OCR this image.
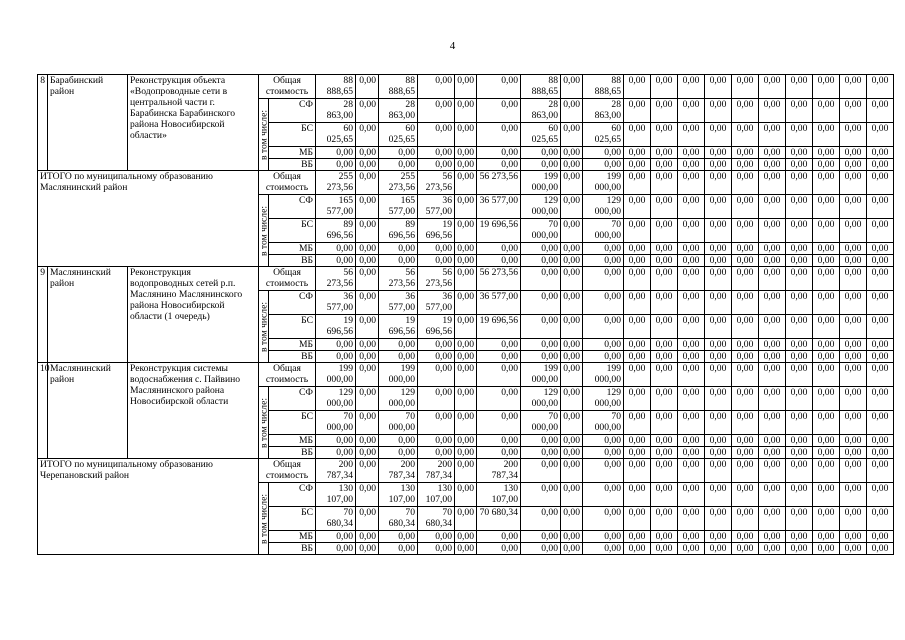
4
8	Барабинский район	Реконструкция объекта «Водопроводные сети в центральной части г. Барабинска Барабинского района Новосибирской области»	Общая стоимость		88 888,65	0,00	88 888,65	0,00	0,00	0,00	88 888,65	0,00	88 888,65	0,00	0,00	0,00	0,00	0,00	0,00	0,00	0,00	0,00	0,00

			в том числе:	СФ	28 863,00	0,00	28 863,00	0,00	0,00	0,00	28 863,00	0,00	28 863,00	0,00	0,00	0,00	0,00	0,00	0,00	0,00	0,00	0,00	0,00
				БС	60 025,65	0,00	60 025,65	0,00	0,00	0,00	60 025,65	0,00	60 025,65	0,00	0,00	0,00	0,00	0,00	0,00	0,00	0,00	0,00	0,00
				МБ	0,00	0,00	0,00	0,00	0,00	0,00	0,00	0,00	0,00	0,00	0,00	0,00	0,00	0,00	0,00	0,00	0,00	0,00	0,00
				ВБ	0,00	0,00	0,00	0,00	0,00	0,00	0,00	0,00	0,00	0,00	0,00	0,00	0,00	0,00	0,00	0,00	0,00	0,00	0,00
ИТОГО по муниципальному образованию Маслянинский район			Общая стоимость		255 273,56	0,00	255 273,56	56 273,56	0,00	56 273,56	199 000,00	0,00	199 000,00	0,00	0,00	0,00	0,00	0,00	0,00	0,00	0,00	0,00	0,00

			в том числе:	СФ	165 577,00	0,00	165 577,00	36 577,00	0,00	36 577,00	129 000,00	0,00	129 000,00	0,00	0,00	0,00	0,00	0,00	0,00	0,00	0,00	0,00	0,00
				БС	89 696,56	0,00	89 696,56	19 696,56	0,00	19 696,56	70 000,00	0,00	70 000,00	0,00	0,00	0,00	0,00	0,00	0,00	0,00	0,00	0,00	0,00
				МБ	0,00	0,00	0,00	0,00	0,00	0,00	0,00	0,00	0,00	0,00	0,00	0,00	0,00	0,00	0,00	0,00	0,00	0,00	0,00
				ВБ	0,00	0,00	0,00	0,00	0,00	0,00	0,00	0,00	0,00	0,00	0,00	0,00	0,00	0,00	0,00	0,00	0,00	0,00	0,00
9	Маслянинский район	Реконструкция водопроводных сетей р.п. Маслянино Маслянинского района Новосибирской области (1 очередь)	Общая стоимость		56 273,56	0,00	56 273,56	56 273,56	0,00	56 273,56	0,00	0,00	0,00	0,00	0,00	0,00	0,00	0,00	0,00	0,00	0,00	0,00	0,00

			в том числе:	СФ	36 577,00	0,00	36 577,00	36 577,00	0,00	36 577,00	0,00	0,00	0,00	0,00	0,00	0,00	0,00	0,00	0,00	0,00	0,00	0,00	0,00
				БС	19 696,56	0,00	19 696,56	19 696,56	0,00	19 696,56	0,00	0,00	0,00	0,00	0,00	0,00	0,00	0,00	0,00	0,00	0,00	0,00	0,00
				МБ	0,00	0,00	0,00	0,00	0,00	0,00	0,00	0,00	0,00	0,00	0,00	0,00	0,00	0,00	0,00	0,00	0,00	0,00	0,00
				ВБ	0,00	0,00	0,00	0,00	0,00	0,00	0,00	0,00	0,00	0,00	0,00	0,00	0,00	0,00	0,00	0,00	0,00	0,00	0,00
10	Маслянинский район	Реконструкция системы водоснабжения с. Пайвино Маслянинского района Новосибирской области	Общая стоимость		199 000,00	0,00	199 000,00	0,00	0,00	0,00	199 000,00	0,00	199 000,00	0,00	0,00	0,00	0,00	0,00	0,00	0,00	0,00	0,00	0,00

			в том числе:	СФ	129 000,00	0,00	129 000,00	0,00	0,00	0,00	129 000,00	0,00	129 000,00	0,00	0,00	0,00	0,00	0,00	0,00	0,00	0,00	0,00	0,00
				БС	70 000,00	0,00	70 000,00	0,00	0,00	0,00	70 000,00	0,00	70 000,00	0,00	0,00	0,00	0,00	0,00	0,00	0,00	0,00	0,00	0,00
				МБ	0,00	0,00	0,00	0,00	0,00	0,00	0,00	0,00	0,00	0,00	0,00	0,00	0,00	0,00	0,00	0,00	0,00	0,00	0,00
				ВБ	0,00	0,00	0,00	0,00	0,00	0,00	0,00	0,00	0,00	0,00	0,00	0,00	0,00	0,00	0,00	0,00	0,00	0,00	0,00
ИТОГО по муниципальному образованию Черепановский район			Общая стоимость		200 787,34	0,00	200 787,34	200 787,34	0,00	200 787,34	0,00	0,00	0,00	0,00	0,00	0,00	0,00	0,00	0,00	0,00	0,00	0,00	0,00

			в том числе:	СФ	130 107,00	0,00	130 107,00	130 107,00	0,00	130 107,00	0,00	0,00	0,00	0,00	0,00	0,00	0,00	0,00	0,00	0,00	0,00	0,00	0,00
				БС	70 680,34	0,00	70 680,34	70 680,34	0,00	70 680,34	0,00	0,00	0,00	0,00	0,00	0,00	0,00	0,00	0,00	0,00	0,00	0,00	0,00
				МБ	0,00	0,00	0,00	0,00	0,00	0,00	0,00	0,00	0,00	0,00	0,00	0,00	0,00	0,00	0,00	0,00	0,00	0,00	0,00
				ВБ	0,00	0,00	0,00	0,00	0,00	0,00	0,00	0,00	0,00	0,00	0,00	0,00	0,00	0,00	0,00	0,00	0,00	0,00	0,00
